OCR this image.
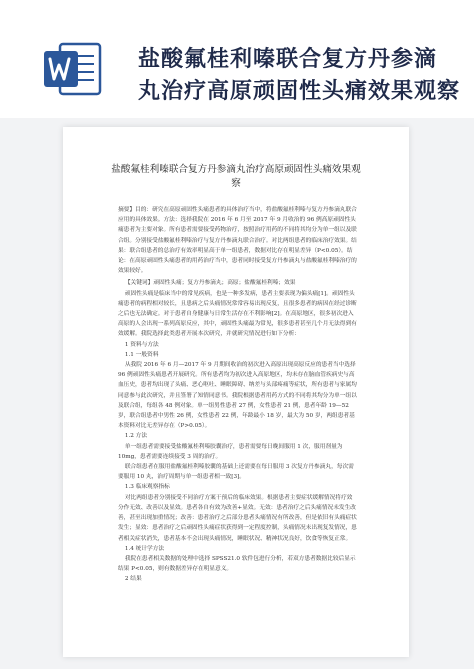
盐酸氟桂利嗪联合复方丹参滴
丸治疗高原顽固性头痛效果观察
盐酸氟桂利嗪联合复方丹参滴丸治疗高原顽固性头痛效果观
察

摘要】目的：研究在高原顽固性头痛患者的具体治疗当中，将盐酸氟桂利嗪与复方丹参滴丸联合应用的具体效果。方法：选择我院在 2016 年 6 月至 2017 年 9 月收治的 96 例高原顽固性头痛患者为主要对象。所有患者需要接受药物治疗，按照治疗用药的不同将其均分为单一组以及联合组。分别接受盐酸氟桂利嗪治疗与复方丹参滴丸联合治疗。对比两组患者的临床治疗效果。结果：联合组患者的总治疗有效率明显高于单一组患者，数据对比存在明显差异（P<0.05）。结论：在高原顽固性头痛患者的用药治疗当中，患者同时接受复方丹参滴丸与盐酸氟桂利嗪治疗的效果较好。

【关键词】顽固性头痛；复方丹参滴丸；高原；盐酸氟桂利嗪；效果

顽固性头痛是临床当中的常见疾病，也是一种多发病，患者主要表现为偏头痛[1]。顽固性头痛患者的病程相对较长，且患病之后头痛情况常常容易出现反复，且很多患者的病因在经过诊断之后也无法确定。对于患者自身健康与日常生活存在不利影响[2]。在高原地区，很多初次进入高原的人会出现一系列高原反应，其中，顽固性头痛最为常见，很多患者甚至几个月无法得到有效缓解。我院选择此类患者开展本次研究，并就研究情况进行如下分析：

1 资料与方法

1.1 一般资料

从我院 2016 年 6 月—2017 年 9 月期间收治的初次进入高原出现高原反应的患者当中选择 96 例顽固性头痛患者开展研究。所有患者均为初次进入高原地区，均未存在脑血管疾病史与高血压史，患者均出现了头痛、恶心呕吐、睡眠障碍、纳差与头部疼痛等症状，所有患者与家属均同意参与此次研究，并且签署了知情同意书。我院根据患者用药方式的不同将其均分为单一组以及联合组，每组各 48 例对象。单一组男性患者 27 例，女性患者 21 例，患者年龄 19—52 岁，联合组患者中男性 26 例，女性患者 22 例，年龄最小 18 岁，最大为 50 岁，两组患者基本资料对比无差异存在（P>0.05）。

1.2 方法

单一组患者需要接受盐酸氟桂利嗪胶囊治疗，患者需要每日晚间服用 1 次，服用剂量为 10mg，患者需要连续接受 3 周的治疗。

联合组患者在服用盐酸氟桂利嗪胶囊的基础上还需要在每日服用 3 次复方丹参滴丸，每次需要服用 10 丸，治疗周期与单一组患者相一致[3]。

1.3 临床观察指标

对比两组患者分别接受不同治疗方案干预后的临床效果。根据患者主要症状缓解情况将疗效分作无效、改善以及显效。患者各自有效为改善+显效。无效：患者治疗之后头痛情况未发生改善，甚至出现加重情况；改善：患者治疗之后部分患者头痛情况有所改善，但是依旧有头痛症状发生；显效：患者治疗之后顽固性头痛症状获得到一定程度控制，头痛情况未出现复发情况，患者相关症状消失，患者基本不会出现头痛情况，睡眠状况、精神状况良好，饮食等恢复正常。

1.4 统计学方法

我院在患者相关数据的处理中选择 SPSS21.0 软件包进行分析，若双方患者数据比较后显示结果 P<0.05，则有数据差异存在明显意义。

2 结果
